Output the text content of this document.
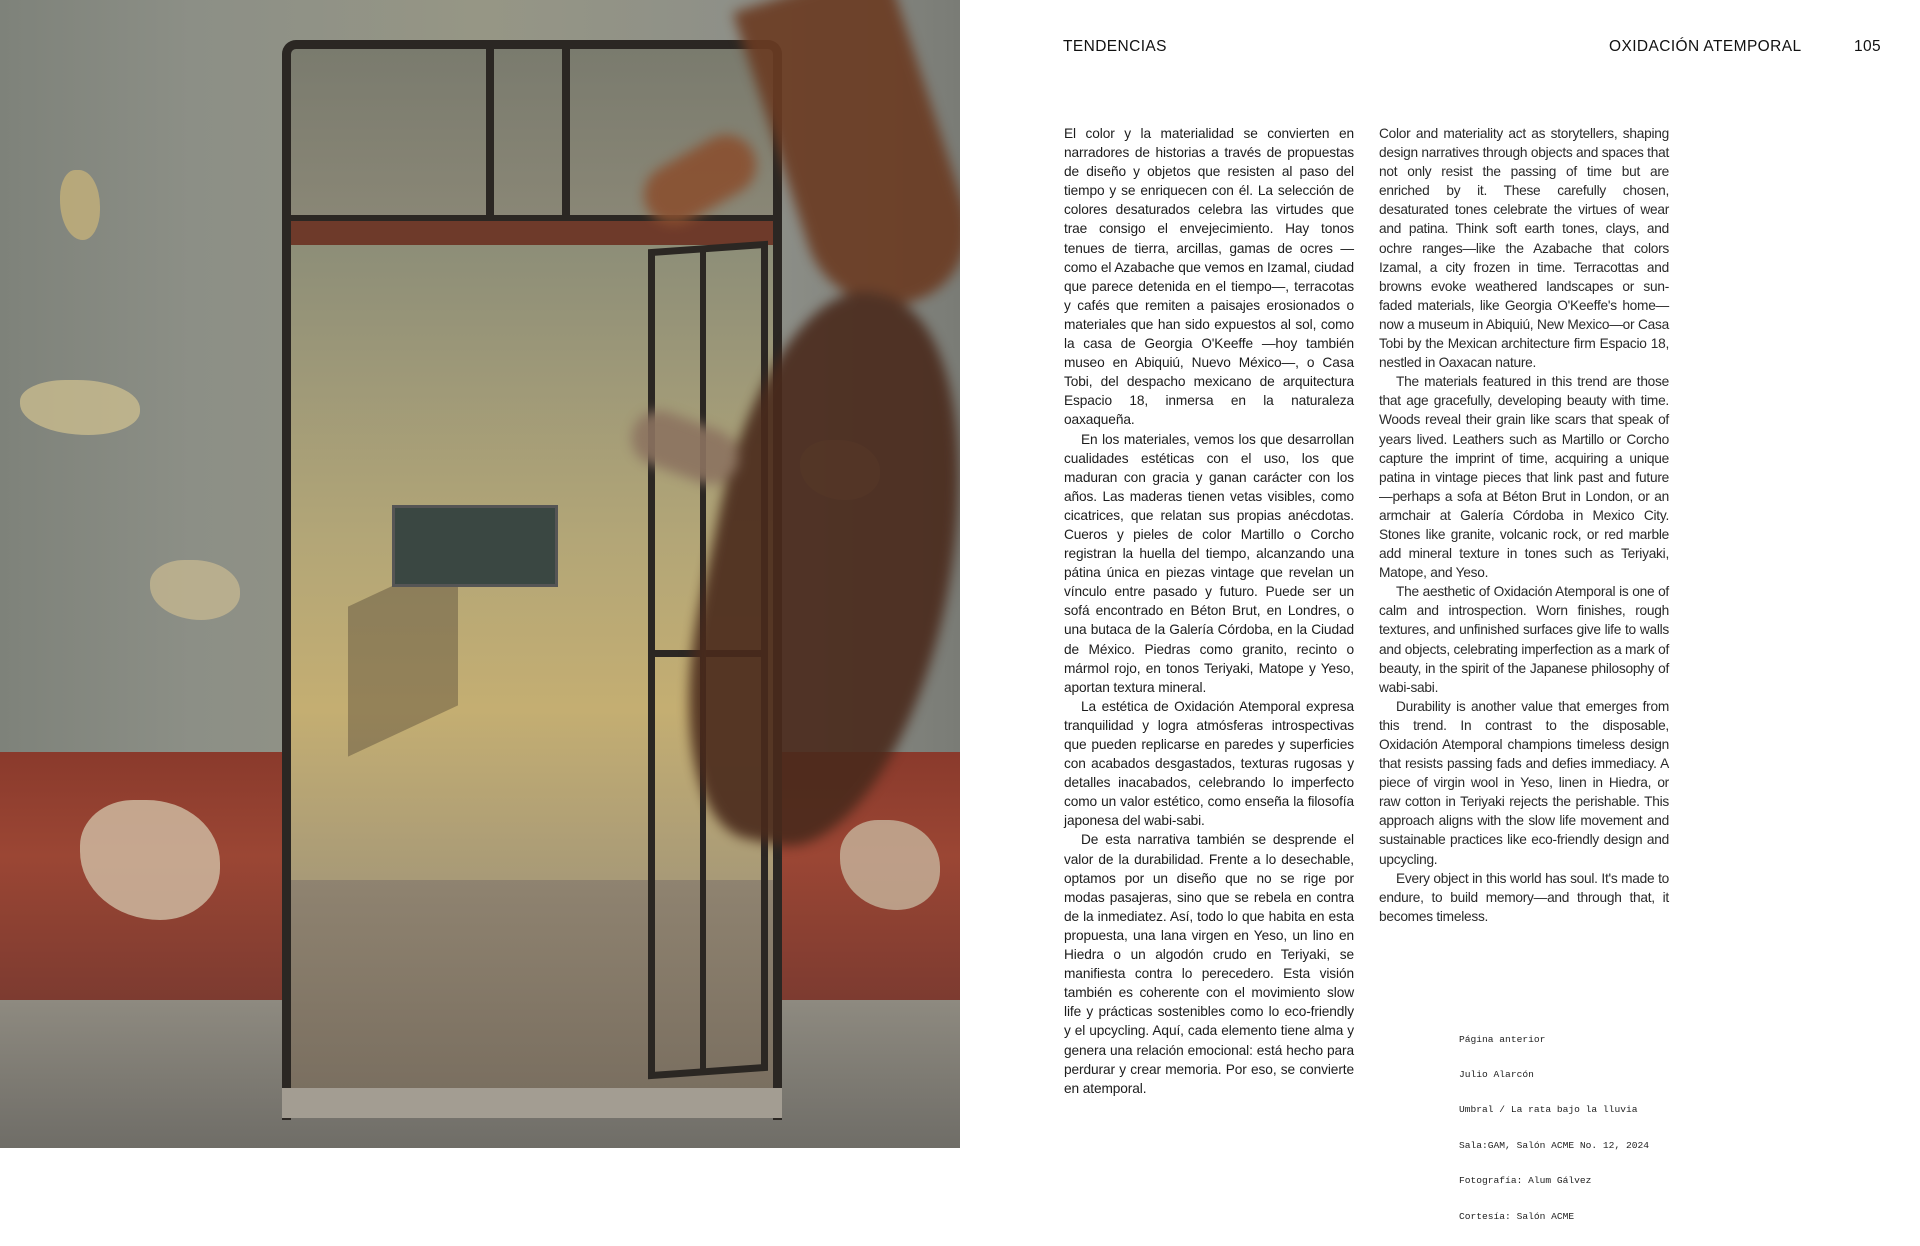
TENDENCIAS	OXIDACIÓN ATEMPORAL	105

El color y la materialidad se convierten en narradores de historias a través de propuestas de diseño y objetos que resisten al paso del tiempo y se enriquecen con él. La selección de colores desaturados celebra las virtudes que trae consigo el envejecimiento. Hay tonos tenues de tierra, arcillas, gamas de ocres —como el Azabache que vemos en Izamal, ciudad que parece detenida en el tiempo—, terracotas y cafés que remiten a paisajes erosionados o materiales que han sido expuestos al sol, como la casa de Georgia O'Keeffe —hoy también museo en Abiquiú, Nuevo México—, o Casa Tobi, del despacho mexicano de arquitectura Espacio 18, inmersa en la naturaleza oaxaqueña.

En los materiales, vemos los que desarrollan cualidades estéticas con el uso, los que maduran con gracia y ganan carácter con los años. Las maderas tienen vetas visibles, como cicatrices, que relatan sus propias anécdotas. Cueros y pieles de color Martillo o Corcho registran la huella del tiempo, alcanzando una pátina única en piezas vintage que revelan un vínculo entre pasado y futuro. Puede ser un sofá encontrado en Béton Brut, en Londres, o una butaca de la Galería Córdoba, en la Ciudad de México. Piedras como granito, recinto o mármol rojo, en tonos Teriyaki, Matope y Yeso, aportan textura mineral.

La estética de Oxidación Atemporal expresa tranquilidad y logra atmósferas introspectivas que pueden replicarse en paredes y superficies con acabados desgastados, texturas rugosas y detalles inacabados, celebrando lo imperfecto como un valor estético, como enseña la filosofía japonesa del wabi-sabi.

De esta narrativa también se desprende el valor de la durabilidad. Frente a lo desechable, optamos por un diseño que no se rige por modas pasajeras, sino que se rebela en contra de la inmediatez. Así, todo lo que habita en esta propuesta, una lana virgen en Yeso, un lino en Hiedra o un algodón crudo en Teriyaki, se manifiesta contra lo perecedero. Esta visión también es coherente con el movimiento slow life y prácticas sostenibles como lo eco-friendly y el upcycling. Aquí, cada elemento tiene alma y genera una relación emocional: está hecho para perdurar y crear memoria. Por eso, se convierte en atemporal.

Color and materiality act as storytellers, shaping design narratives through objects and spaces that not only resist the passing of time but are enriched by it. These carefully chosen, desaturated tones celebrate the virtues of wear and patina. Think soft earth tones, clays, and ochre ranges—like the Azabache that colors Izamal, a city frozen in time. Terracottas and browns evoke weathered landscapes or sun-faded materials, like Georgia O'Keeffe's home—now a museum in Abiquiú, New Mexico—or Casa Tobi by the Mexican architecture firm Espacio 18, nestled in Oaxacan nature.

The materials featured in this trend are those that age gracefully, developing beauty with time. Woods reveal their grain like scars that speak of years lived. Leathers such as Martillo or Corcho capture the imprint of time, acquiring a unique patina in vintage pieces that link past and future—perhaps a sofa at Béton Brut in London, or an armchair at Galería Córdoba in Mexico City. Stones like granite, volcanic rock, or red marble add mineral texture in tones such as Teriyaki, Matope, and Yeso.

The aesthetic of Oxidación Atemporal is one of calm and introspection. Worn finishes, rough textures, and unfinished surfaces give life to walls and objects, celebrating imperfection as a mark of beauty, in the spirit of the Japanese philosophy of wabi-sabi.

Durability is another value that emerges from this trend. In contrast to the disposable, Oxidación Atemporal champions timeless design that resists passing fads and defies immediacy. A piece of virgin wool in Yeso, linen in Hiedra, or raw cotton in Teriyaki rejects the perishable. This approach aligns with the slow life movement and sustainable practices like eco-friendly design and upcycling.

Every object in this world has soul. It's made to endure, to build memory—and through that, it becomes timeless.

Página anterior

Julio Alarcón

Umbral / La rata bajo la lluvia

Sala:GAM, Salón ACME No. 12, 2024

Fotografía: Alum Gálvez

Cortesía: Salón ACME
